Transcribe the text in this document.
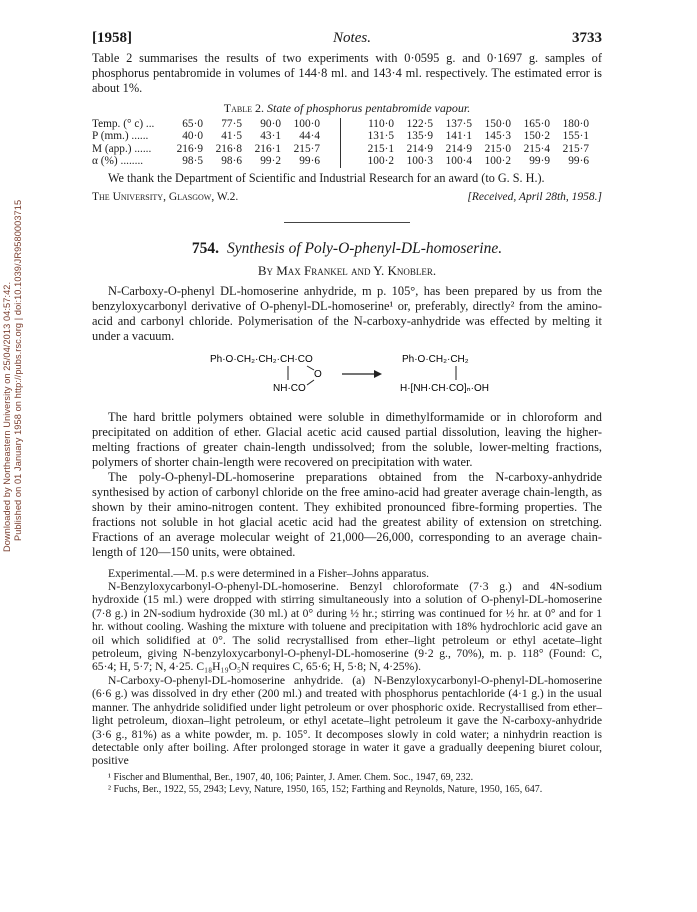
Downloaded by Northeastern University on 25/04/2013 04:57:42. Published on 01 January 1958 on http://pubs.rsc.org | doi:10.1039/JR9580003715
[1958]	Notes.	3733

Table 2 summarises the results of two experiments with 0·0595 g. and 0·1697 g. samples of phosphorus pentabromide in volumes of 144·8 ml. and 143·4 ml. respectively. The estimated error is about 1%.

Table 2. State of phosphorus pentabromide vapour.
Temp. (° c) ...	65·0	77·5	90·0	100·0			110·0	122·5	137·5	150·0	165·0	180·0
P (mm.) ......	40·0	41·5	43·1	44·4			131·5	135·9	141·1	145·3	150·2	155·1
M (app.) ......	216·9	216·8	216·1	215·7			215·1	214·9	214·9	215·0	215·4	215·7
α (%) ........	98·5	98·6	99·2	99·6			100·2	100·3	100·4	100·2	99·9	99·6

We thank the Department of Scientific and Industrial Research for an award (to G. S. H.).

The University, Glasgow, W.2.	[Received, April 28th, 1958.]
754. Synthesis of Poly-O-phenyl-DL-homoserine.
By Max Frankel and Y. Knobler.

N-Carboxy-O-phenyl DL-homoserine anhydride, m p. 105°, has been prepared by us from the benzyloxycarbonyl derivative of O-phenyl-DL-homoserine¹ or, preferably, directly² from the amino-acid and carbonyl chloride. Polymerisation of the N-carboxy-anhydride was effected by melting it under a vacuum.

Ph·O·CH₂·CH₂·CH·CO
O
NH·CO
Ph·O·CH₂·CH₂
H·[NH·CH·CO]ₙ·OH

The hard brittle polymers obtained were soluble in dimethylformamide or in chloroform and precipitated on addition of ether. Glacial acetic acid caused partial dissolution, leaving the higher-melting fractions of greater chain-length undissolved; from the soluble, lower-melting fractions, polymers of shorter chain-length were recovered on precipitation with water.

The poly-O-phenyl-DL-homoserine preparations obtained from the N-carboxy-anhydride synthesised by action of carbonyl chloride on the free amino-acid had greater average chain-length, as shown by their amino-nitrogen content. They exhibited pronounced fibre-forming properties. The fractions not soluble in hot glacial acetic acid had the greatest ability of extension on stretching. Fractions of an average molecular weight of 21,000—26,000, corresponding to an average chain-length of 120—150 units, were obtained.

Experimental.—M. p.s were determined in a Fisher–Johns apparatus.

N-Benzyloxycarbonyl-O-phenyl-DL-homoserine. Benzyl chloroformate (7·3 g.) and 4N-sodium hydroxide (15 ml.) were dropped with stirring simultaneously into a solution of O-phenyl-DL-homoserine (7·8 g.) in 2N-sodium hydroxide (30 ml.) at 0° during ½ hr.; stirring was continued for ½ hr. at 0° and for 1 hr. without cooling. Washing the mixture with toluene and precipitation with 18% hydrochloric acid gave an oil which solidified at 0°. The solid recrystallised from ether–light petroleum or ethyl acetate–light petroleum, giving N-benzyloxycarbonyl-O-phenyl-DL-homoserine (9·2 g., 70%), m. p. 118° (Found: C, 65·4; H, 5·7; N, 4·25. C₁₈H₁₉O₅N requires C, 65·6; H, 5·8; N, 4·25%).

N-Carboxy-O-phenyl-DL-homoserine anhydride. (a) N-Benzyloxycarbonyl-O-phenyl-DL-homoserine (6·6 g.) was dissolved in dry ether (200 ml.) and treated with phosphorus pentachloride (4·1 g.) in the usual manner. The anhydride solidified under light petroleum or over phosphoric oxide. Recrystallised from ether–light petroleum, dioxan–light petroleum, or ethyl acetate–light petroleum it gave the N-carboxy-anhydride (3·6 g., 81%) as a white powder, m. p. 105°. It decomposes slowly in cold water; a ninhydrin reaction is detectable only after boiling. After prolonged storage in water it gave a gradually deepening biuret colour, positive

¹ Fischer and Blumenthal, Ber., 1907, 40, 106; Painter, J. Amer. Chem. Soc., 1947, 69, 232.

² Fuchs, Ber., 1922, 55, 2943; Levy, Nature, 1950, 165, 152; Farthing and Reynolds, Nature, 1950, 165, 647.
